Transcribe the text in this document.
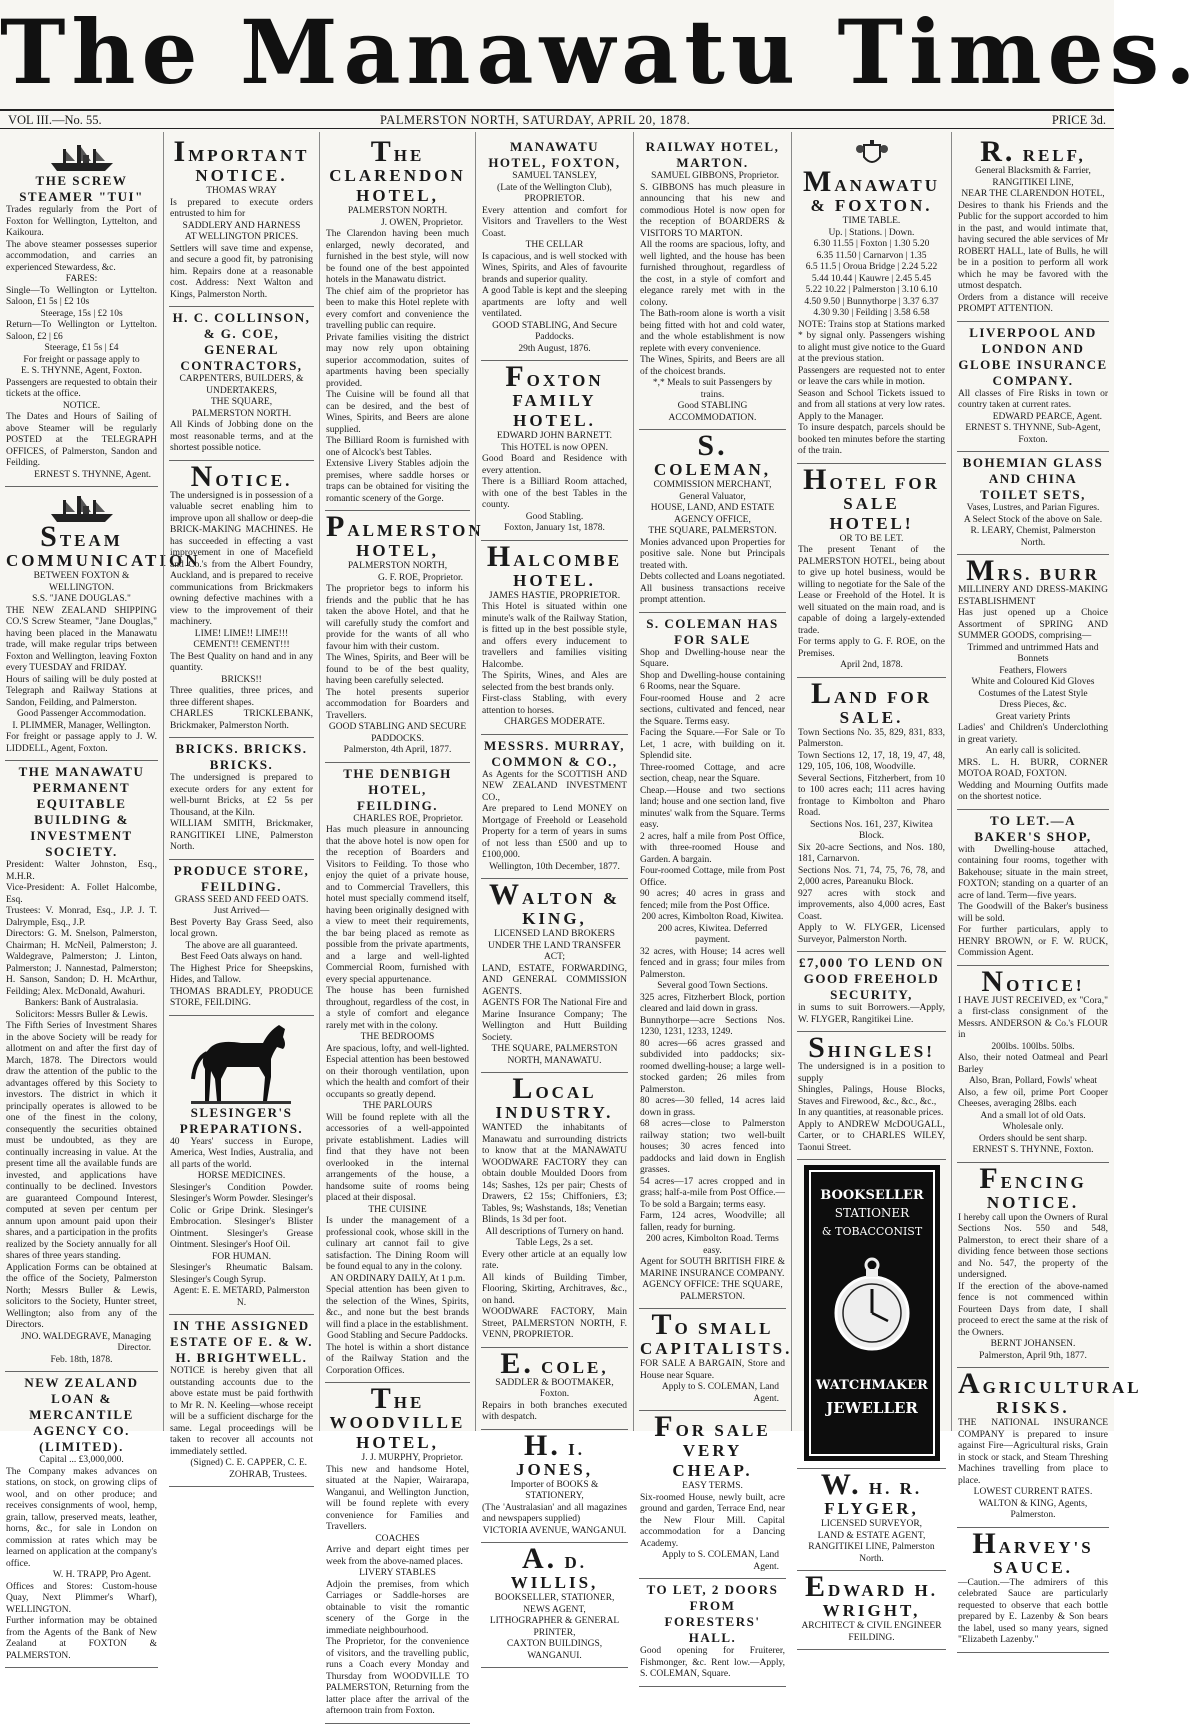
The Manawatu Times.
VOL III.—No. 55.	PALMERSTON NORTH, SATURDAY, APRIL 20, 1878.	PRICE 3d.
THE SCREW STEAMER "TUI"
Trades regularly from the Port of Foxton for Wellington, Lyttelton, and Kaikoura.
The above steamer possesses superior accommodation, and carries an experienced Stewardess, &c.
FARES:
Single—To Wellington or Lyttelton. Saloon, £1 5s | £2 10s
Steerage, 15s | £2 10s
Return—To Wellington or Lyttelton. Saloon, £2 | £6
Steerage, £1 5s | £4
For freight or passage apply to
E. S. THYNNE, Agent, Foxton.
Passengers are requested to obtain their tickets at the office.
NOTICE.
The Dates and Hours of Sailing of above Steamer will be regularly POSTED at the TELEGRAPH OFFICES, of Palmerston, Sandon and Feilding.
ERNEST S. THYNNE, Agent.
STEAM COMMUNICATION
BETWEEN FOXTON & WELLINGTON.
S.S. "JANE DOUGLAS."
THE NEW ZEALAND SHIPPING CO.'S Screw Steamer, "Jane Douglas," having been placed in the Manawatu trade, will make regular trips between Foxton and Wellington, leaving Foxton every TUESDAY and FRIDAY.
Hours of sailing will be duly posted at Telegraph and Railway Stations at Sandon, Feilding, and Palmerston.
Good Passenger Accommodation.
I. PLIMMER, Manager, Wellington.
For freight or passage apply to J. W. LIDDELL, Agent, Foxton.
THE MANAWATU PERMANENT EQUITABLE BUILDING & INVESTMENT SOCIETY.
President: Walter Johnston, Esq., M.H.R.
Vice-President: A. Follet Halcombe, Esq.
Trustees: V. Monrad, Esq., J.P. J. T. Dalrymple, Esq., J.P.
Directors: G. M. Snelson, Palmerston, Chairman; H. McNeil, Palmerston; J. Waldegrave, Palmerston; J. Linton, Palmerston; J. Nannestad, Palmerston; H. Sanson, Sandon; D. H. McArthur, Feilding; Alex. McDonald, Awahuri.
Bankers: Bank of Australasia.
Solicitors: Messrs Buller & Lewis.
The Fifth Series of Investment Shares in the above Society will be ready for allotment on and after the first day of March, 1878. The Directors would draw the attention of the public to the advantages offered by this Society to investors. The district in which it principally operates is allowed to be one of the finest in the colony, consequently the securities obtained must be undoubted, as they are continually increasing in value. At the present time all the available funds are invested, and applications have continually to be declined. Investors are guaranteed Compound Interest, computed at seven per centum per annum upon amount paid upon their shares, and a participation in the profits realized by the Society annually for all shares of three years standing.
Application Forms can be obtained at the office of the Society, Palmerston North; Messrs Buller & Lewis, solicitors to the Society, Hunter street, Wellington; also from any of the Directors.
JNO. WALDEGRAVE, Managing Director.
Feb. 18th, 1878.
NEW ZEALAND LOAN & MERCANTILE AGENCY CO. (LIMITED).
Capital ... £3,000,000.
The Company makes advances on stations, on stock, on growing clips of wool, and on other produce; and receives consignments of wool, hemp, grain, tallow, preserved meats, leather, horns, &c., for sale in London on commission at rates which may be learned on application at the company's office.
W. H. TRAPP, Pro Agent.
Offices and Stores: Custom-house Quay, Next Plimmer's Wharf), WELLINGTON.
Further information may be obtained from the Agents of the Bank of New Zealand at FOXTON & PALMERSTON.
IMPORTANT NOTICE.
THOMAS WRAY
Is prepared to execute orders entrusted to him for
SADDLERY AND HARNESS
AT WELLINGTON PRICES.
Settlers will save time and expense, and secure a good fit, by patronising him. Repairs done at a reasonable cost. Address: Next Walton and Kings, Palmerston North.
H. C. COLLINSON, & G. COE, GENERAL CONTRACTORS,
CARPENTERS, BUILDERS, & UNDERTAKERS,
THE SQUARE,
PALMERSTON NORTH.
All Kinds of Jobbing done on the most reasonable terms, and at the shortest possible notice.
NOTICE.
The undersigned is in possession of a valuable secret enabling him to improve upon all shallow or deep-die BRICK-MAKING MACHINES. He has succeeded in effecting a vast improvement in one of Macefield and Co.'s from the Albert Foundry, Auckland, and is prepared to receive communications from Brickmakers owning defective machines with a view to the improvement of their machinery.
LIME! LIME!! LIME!!!
CEMENT!! CEMENT!!!
The Best Quality on hand and in any quantity.
BRICKS!!
Three qualities, three prices, and three different shapes.
CHARLES TRICKLEBANK, Brickmaker, Palmerston North.
BRICKS. BRICKS. BRICKS.
The undersigned is prepared to execute orders for any extent for well-burnt Bricks, at £2 5s per Thousand, at the Kiln.
WILLIAM SMITH, Brickmaker, RANGITIKEI LINE, Palmerston North.
PRODUCE STORE, FEILDING.
GRASS SEED AND FEED OATS.
Just Arrived—
Best Poverty Bay Grass Seed, also local grown.
The above are all guaranteed.
Best Feed Oats always on hand.
The Highest Price for Sheepskins, Hides, and Tallow.
THOMAS BRADLEY, PRODUCE STORE, FEILDING.
SLESINGER'S PREPARATIONS.
40 Years' success in Europe, America, West Indies, Australia, and all parts of the world.
HORSE MEDICINES.
Slesinger's Condition Powder. Slesinger's Worm Powder. Slesinger's Colic or Gripe Drink. Slesinger's Embrocation. Slesinger's Blister Ointment. Slesinger's Grease Ointment. Slesinger's Hoof Oil.
FOR HUMAN.
Slesinger's Rheumatic Balsam. Slesinger's Cough Syrup.
Agent: E. E. METARD, Palmerston N.
IN THE ASSIGNED ESTATE OF E. & W. H. BRIGHTWELL.
NOTICE is hereby given that all outstanding accounts due to the above estate must be paid forthwith to Mr R. N. Keeling—whose receipt will be a sufficient discharge for the same. Legal proceedings will be taken to recover all accounts not immediately settled.
(Signed) C. E. CAPPER, C. E. ZOHRAB, Trustees.
THE CLARENDON HOTEL,
PALMERSTON NORTH.
J. OWEN, Proprietor.
The Clarendon having been much enlarged, newly decorated, and furnished in the best style, will now be found one of the best appointed hotels in the Manawatu district.
The chief aim of the proprietor has been to make this Hotel replete with every comfort and convenience the travelling public can require.
Private families visiting the district may now rely upon obtaining superior accommodation, suites of apartments having been specially provided.
The Cuisine will be found all that can be desired, and the best of Wines, Spirits, and Beers are alone supplied.
The Billiard Room is furnished with one of Alcock's best Tables.
Extensive Livery Stables adjoin the premises, where saddle horses or traps can be obtained for visiting the romantic scenery of the Gorge.
PALMERSTON HOTEL,
PALMERSTON NORTH,
G. F. ROE, Proprietor.
The proprietor begs to inform his friends and the public that he has taken the above Hotel, and that he will carefully study the comfort and provide for the wants of all who favour him with their custom.
The Wines, Spirits, and Beer will be found to be of the best quality, having been carefully selected.
The hotel presents superior accommodation for Boarders and Travellers.
GOOD STABLING AND SECURE PADDOCKS.
Palmerston, 4th April, 1877.
THE DENBIGH HOTEL, FEILDING.
CHARLES ROE, Proprietor.
Has much pleasure in announcing that the above hotel is now open for the reception of Boarders and Visitors to Feilding. To those who enjoy the quiet of a private house, and to Commercial Travellers, this hotel must specially commend itself, having been originally designed with a view to meet their requirements, the bar being placed as remote as possible from the private apartments, and a large and well-lighted Commercial Room, furnished with every special appurtenance.
The house has been furnished throughout, regardless of the cost, in a style of comfort and elegance rarely met with in the colony.
THE BEDROOMS
Are spacious, lofty, and well-lighted. Especial attention has been bestowed on their thorough ventilation, upon which the health and comfort of their occupants so greatly depend.
THE PARLOURS
Will be found replete with all the accessories of a well-appointed private establishment. Ladies will find that they have not been overlooked in the internal arrangements of the house, a handsome suite of rooms being placed at their disposal.
THE CUISINE
Is under the management of a professional cook, whose skill in the culinary art cannot fail to give satisfaction. The Dining Room will be found equal to any in the colony.
AN ORDINARY DAILY, At 1 p.m.
Special attention has been given to the selection of the Wines, Spirits, &c., and none but the best brands will find a place in the establishment.
Good Stabling and Secure Paddocks.
The hotel is within a short distance of the Railway Station and the Corporation Offices.
THE WOODVILLE HOTEL,
J. J. MURPHY, Proprietor.
This new and handsome Hotel, situated at the Napier, Wairarapa, Wanganui, and Wellington Junction, will be found replete with every convenience for Families and Travellers.
COACHES
Arrive and depart eight times per week from the above-named places.
LIVERY STABLES
Adjoin the premises, from which Carriages or Saddle-horses are obtainable to visit the romantic scenery of the Gorge in the immediate neighbourhood.
The Proprietor, for the convenience of visitors, and the travelling public, runs a Coach every Monday and Thursday from WOODVILLE TO PALMERSTON, Returning from the latter place after the arrival of the afternoon train from Foxton.
MANAWATU HOTEL, FOXTON,
SAMUEL TANSLEY,
(Late of the Wellington Club),
PROPRIETOR.
Every attention and comfort for Visitors and Travellers to the West Coast.
THE CELLAR
Is capacious, and is well stocked with Wines, Spirits, and Ales of favourite brands and superior quality.
A good Table is kept and the sleeping apartments are lofty and well ventilated.
GOOD STABLING, And Secure Paddocks.
29th August, 1876.
FOXTON FAMILY HOTEL.
EDWARD JOHN BARNETT.
This HOTEL is now OPEN.
Good Board and Residence with every attention.
There is a Billiard Room attached, with one of the best Tables in the county.
Good Stabling.
Foxton, January 1st, 1878.
HALCOMBE HOTEL.
JAMES HASTIE, PROPRIETOR.
This Hotel is situated within one minute's walk of the Railway Station, is fitted up in the best possible style, and offers every inducement to travellers and families visiting Halcombe.
The Spirits, Wines, and Ales are selected from the best brands only.
First-class Stabling, with every attention to horses.
CHARGES MODERATE.
MESSRS. MURRAY, COMMON & CO.,
As Agents for the SCOTTISH AND NEW ZEALAND INVESTMENT CO.,
Are prepared to Lend MONEY on Mortgage of Freehold or Leasehold Property for a term of years in sums of not less than £500 and up to £100,000.
Wellington, 10th December, 1877.
WALTON & KING,
LICENSED LAND BROKERS
UNDER THE LAND TRANSFER ACT;
LAND, ESTATE, FORWARDING, AND GENERAL COMMISSION AGENTS.
AGENTS FOR The National Fire and Marine Insurance Company; The Wellington and Hutt Building Society.
THE SQUARE, PALMERSTON NORTH, MANAWATU.
LOCAL INDUSTRY.
WANTED the inhabitants of Manawatu and surrounding districts to know that at the MANAWATU WOODWARE FACTORY they can obtain double Moulded Doors from 14s; Sashes, 12s per pair; Chests of Drawers, £2 15s; Chiffoniers, £3; Tables, 9s; Washstands, 18s; Venetian Blinds, 1s 3d per foot.
All descriptions of Turnery on hand.
Table Legs, 2s a set.
Every other article at an equally low rate.
All kinds of Building Timber, Flooring, Skirting, Architraves, &c., on hand.
WOODWARE FACTORY, Main Street, PALMERSTON NORTH, F. VENN, PROPRIETOR.
E. COLE,
SADDLER & BOOTMAKER, Foxton.
Repairs in both branches executed with despatch.
H. I. JONES,
Importer of BOOKS & STATIONERY,
(The 'Australasian' and all magazines and newspapers supplied)
VICTORIA AVENUE, WANGANUI.
A. D. WILLIS,
BOOKSELLER, STATIONER, NEWS AGENT,
LITHOGRAPHER & GENERAL PRINTER,
CAXTON BUILDINGS, WANGANUI.
RAILWAY HOTEL, MARTON.
SAMUEL GIBBONS, Proprietor.
S. GIBBONS has much pleasure in announcing that his new and commodious Hotel is now open for the reception of BOARDERS & VISITORS TO MARTON.
All the rooms are spacious, lofty, and well lighted, and the house has been furnished throughout, regardless of the cost, in a style of comfort and elegance rarely met with in the colony.
The Bath-room alone is worth a visit being fitted with hot and cold water, and the whole establishment is now replete with every convenience.
The Wines, Spirits, and Beers are all of the choicest brands.
*,* Meals to suit Passengers by trains.
Good STABLING ACCOMMODATION.
S. COLEMAN,
COMMISSION MERCHANT, General Valuator,
HOUSE, LAND, AND ESTATE AGENCY OFFICE,
THE SQUARE, PALMERSTON.
Monies advanced upon Properties for positive sale. None but Principals treated with.
Debts collected and Loans negotiated. All business transactions receive prompt attention.
S. COLEMAN HAS FOR SALE
Shop and Dwelling-house near the Square.
Shop and Dwelling-house containing 6 Rooms, near the Square.
Four-roomed House and 2 acre sections, cultivated and fenced, near the Square. Terms easy.
Facing the Square.—For Sale or To Let, 1 acre, with building on it. Splendid site.
Three-roomed Cottage, and acre section, cheap, near the Square.
Cheap.—House and two sections land; house and one section land, five minutes' walk from the Square. Terms easy.
2 acres, half a mile from Post Office, with three-roomed House and Garden. A bargain.
Four-roomed Cottage, mile from Post Office.
90 acres; 40 acres in grass and fenced; mile from the Post Office.
200 acres, Kimbolton Road, Kiwitea.
200 acres, Kiwitea. Deferred payment.
32 acres, with House; 14 acres well fenced and in grass; four miles from Palmerston.
Several good Town Sections.
325 acres, Fitzherbert Block, portion cleared and laid down in grass.
Bunnythorpe—acre Sections Nos. 1230, 1231, 1233, 1249.
80 acres—66 acres grassed and subdivided into paddocks; six-roomed dwelling-house; a large well-stocked garden; 26 miles from Palmerston.
80 acres—30 felled, 14 acres laid down in grass.
68 acres—close to Palmerston railway station; two well-built houses; 30 acres fenced into paddocks and laid down in English grasses.
54 acres—17 acres cropped and in grass; half-a-mile from Post Office.—To be sold a Bargain; terms easy.
Farm, 124 acres, Woodville; all fallen, ready for burning.
200 acres, Kimbolton Road. Terms easy.
Agent for SOUTH BRITISH FIRE & MARINE INSURANCE COMPANY.
AGENCY OFFICE: THE SQUARE, PALMERSTON.
TO SMALL CAPITALISTS.
FOR SALE A BARGAIN, Store and House near Square.
Apply to S. COLEMAN, Land Agent.
FOR SALE VERY CHEAP.
EASY TERMS.
Six-roomed House, newly built, acre ground and garden, Terrace End, near the New Flour Mill. Capital accommodation for a Dancing Academy.
Apply to S. COLEMAN, Land Agent.
TO LET, 2 DOORS FROM FORESTERS' HALL.
Good opening for Fruiterer, Fishmonger, &c. Rent low.—Apply, S. COLEMAN, Square.
MANAWATU & FOXTON.
TIME TABLE.
Up. | Stations. | Down.
6.30 11.55 | Foxton | 1.30 5.20
6.35 11.50 | Carnarvon | 1.35
6.5 11.5 | Oroua Bridge | 2.24 5.22
5.44 10.44 | Kauwre | 2.45 5.45
5.22 10.22 | Palmerston | 3.10 6.10
4.50 9.50 | Bunnythorpe | 3.37 6.37
4.30 9.30 | Feilding | 3.58 6.58
NOTE: Trains stop at Stations marked * by signal only. Passengers wishing to alight must give notice to the Guard at the previous station.
Passengers are requested not to enter or leave the cars while in motion.
Season and School Tickets issued to and from all stations at very low rates. Apply to the Manager.
To insure despatch, parcels should be booked ten minutes before the starting of the train.
HOTEL FOR SALE HOTEL!
OR TO BE LET.
The present Tenant of the PALMERSTON HOTEL, being about to give up hotel business, would be willing to negotiate for the Sale of the Lease or Freehold of the Hotel. It is well situated on the main road, and is capable of doing a largely-extended trade.
For terms apply to G. F. ROE, on the Premises.
April 2nd, 1878.
LAND FOR SALE.
Town Sections No. 35, 829, 831, 833, Palmerston.
Town Sections 12, 17, 18, 19, 47, 48, 129, 105, 106, 108, Woodville.
Several Sections, Fitzherbert, from 10 to 100 acres each; 111 acres having frontage to Kimbolton and Pharo Road.
Sections Nos. 161, 237, Kiwitea Block.
Six 20-acre Sections, and Nos. 180, 181, Carnarvon.
Sections Nos. 71, 74, 75, 76, 78, and 2,000 acres, Pareanuku Block.
927 acres with stock and improvements, also 4,000 acres, East Coast.
Apply to W. FLYGER, Licensed Surveyor, Palmerston North.
£7,000 TO LEND ON GOOD FREEHOLD SECURITY,
in sums to suit Borrowers.—Apply, W. FLYGER, Rangitikei Line.
SHINGLES!
The undersigned is in a position to supply
Shingles, Palings, House Blocks, Staves and Firewood, &c., &c., &c.,
In any quantities, at reasonable prices.
Apply to ANDREW McDOUGALL, Carter, or to CHARLES WILEY, Taonui Street.
BOOKSELLER
STATIONER
& TOBACCONIST
WATCHMAKER
JEWELLER
W. H. R. FLYGER,
LICENSED SURVEYOR,
LAND & ESTATE AGENT,
RANGITIKEI LINE, Palmerston North.
EDWARD H. WRIGHT,
ARCHITECT & CIVIL ENGINEER
FEILDING.
R. RELF,
General Blacksmith & Farrier,
RANGITIKEI LINE,
NEAR THE CLARENDON HOTEL,
Desires to thank his Friends and the Public for the support accorded to him in the past, and would intimate that, having secured the able services of Mr ROBERT HALL, late of Bulls, he will be in a position to perform all work which he may be favored with the utmost despatch.
Orders from a distance will receive PROMPT ATTENTION.
LIVERPOOL AND LONDON AND GLOBE INSURANCE COMPANY.
All classes of Fire Risks in town or country taken at current rates.
EDWARD PEARCE, Agent.
ERNEST S. THYNNE, Sub-Agent, Foxton.
BOHEMIAN GLASS AND CHINA TOILET SETS,
Vases, Lustres, and Parian Figures.
A Select Stock of the above on Sale.
R. LEARY, Chemist, Palmerston North.
MRS. BURR
MILLINERY AND DRESS-MAKING ESTABLISHMENT
Has just opened up a Choice Assortment of SPRING AND SUMMER GOODS, comprising—
Trimmed and untrimmed Hats and Bonnets
Feathers, Flowers
White and Coloured Kid Gloves
Costumes of the Latest Style
Dress Pieces, &c.
Great variety Prints
Ladies' and Children's Underclothing in great variety.
An early call is solicited.
MRS. L. H. BURR, CORNER MOTOA ROAD, FOXTON.
Wedding and Mourning Outfits made on the shortest notice.
TO LET.—A BAKER'S SHOP,
with Dwelling-house attached, containing four rooms, together with Bakehouse; situate in the main street, FOXTON; standing on a quarter of an acre of land. Term—five years.
The Goodwill of the Baker's business will be sold.
For further particulars, apply to HENRY BROWN, or F. W. RUCK, Commission Agent.
NOTICE!
I HAVE JUST RECEIVED, ex "Cora," a first-class consignment of the Messrs. ANDERSON & Co.'s FLOUR in
200lbs. 100lbs. 50lbs.
Also, their noted Oatmeal and Pearl Barley
Also, Bran, Pollard, Fowls' wheat
Also, a few oil, prime Port Cooper Cheeses, averaging 28lbs. each
And a small lot of old Oats.
Wholesale only.
Orders should be sent sharp.
ERNEST S. THYNNE, Foxton.
FENCING NOTICE.
I hereby call upon the Owners of Rural Sections Nos. 550 and 548, Palmerston, to erect their share of a dividing fence between those sections and No. 547, the property of the undersigned.
If the erection of the above-named fence is not commenced within Fourteen Days from date, I shall proceed to erect the same at the risk of the Owners.
BERNT JOHANSEN.
Palmerston, April 9th, 1877.
AGRICULTURAL RISKS.
THE NATIONAL INSURANCE COMPANY is prepared to insure against Fire—Agricultural risks, Grain in stock or stack, and Steam Threshing Machines travelling from place to place.
LOWEST CURRENT RATES.
WALTON & KING, Agents, Palmerston.
HARVEY'S SAUCE.
—Caution.—The admirers of this celebrated Sauce are particularly requested to observe that each bottle prepared by E. Lazenby & Son bears the label, used so many years, signed "Elizabeth Lazenby."
